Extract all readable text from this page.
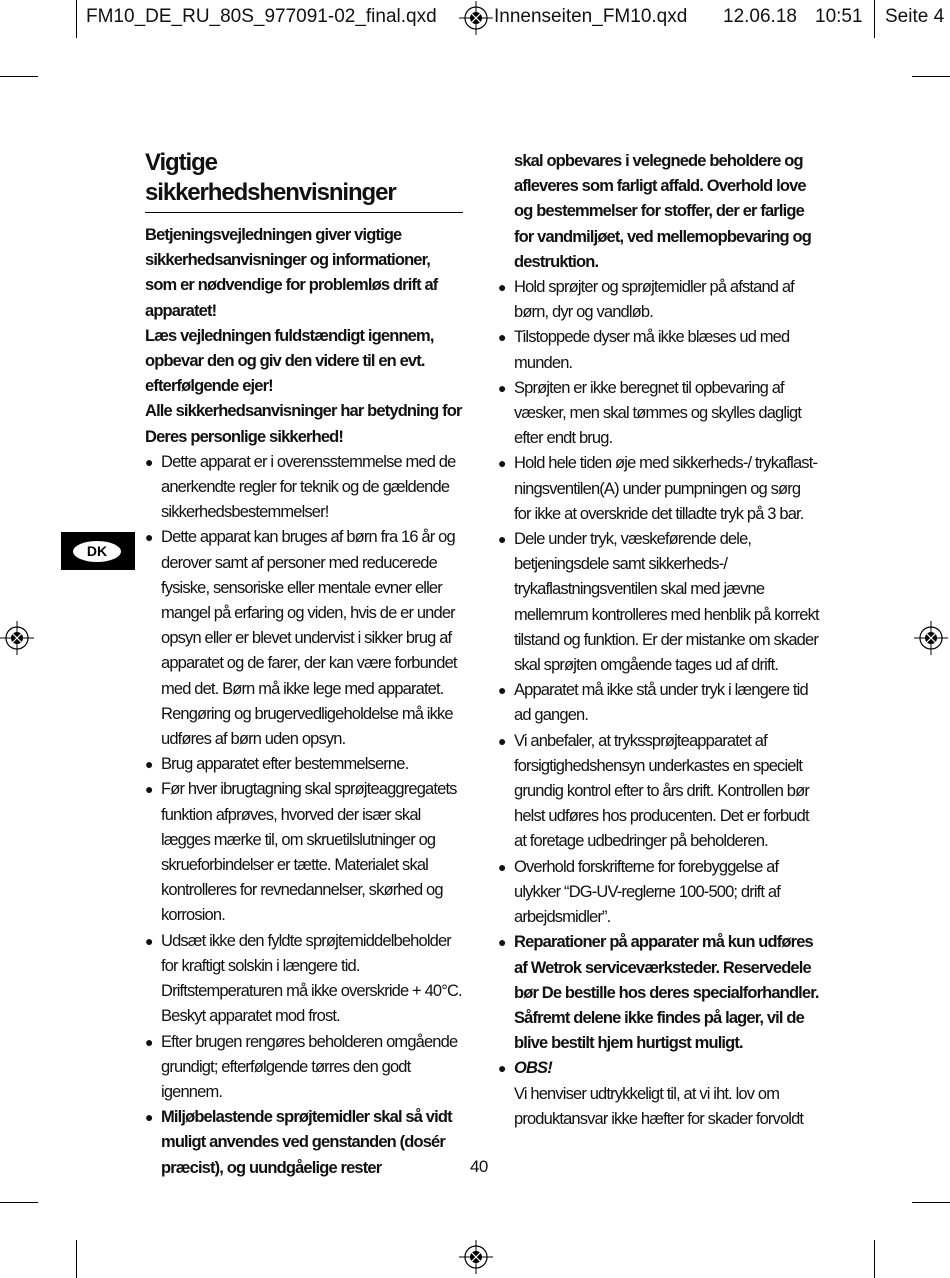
FM10_DE_RU_80S_977091-02_final.qxd	Innenseiten_FM10.qxd 12.06.18 10:51 Seite 4
DK
Vigtige sikkerhedshenvisninger

Betjeningsvejledningen giver vigtige sikkerhedsanvisninger og informationer, som er nødvendige for problemløs drift af apparatet!

Læs vejledningen fuldstændigt igennem, opbevar den og giv den videre til en evt. efterfølgende ejer!

Alle sikkerhedsanvisninger har betydning for Deres personlige sikkerhed!

● Dette apparat er i overensstemmelse med de anerkendte regler for teknik og de gældende sikkerhedsbestemmelser!
● Dette apparat kan bruges af børn fra 16 år og derover samt af personer med reducerede fysiske, sensoriske eller mentale evner eller mangel på erfaring og viden, hvis de er under opsyn eller er blevet undervist i sikker brug af apparatet og de farer, der kan være forbundet med det. Børn må ikke lege med apparatet. Rengøring og brugervedligeholdelse må ikke udføres af børn uden opsyn.
● Brug apparatet efter bestemmelserne.
● Før hver ibrugtagning skal sprøjteaggregatets funktion afprøves, hvorved der især skal lægges mærke til, om skruetilslutninger og skrueforbindelser er tætte. Materialet skal kontrolleres for revnedannelser, skørhed og korrosion.
● Udsæt ikke den fyldte sprøjtemiddelbeholder for kraftigt solskin i længere tid. Driftstemperaturen må ikke overskride + 40°C. Beskyt apparatet mod frost.
● Efter brugen rengøres beholderen omgående grundigt; efterfølgende tørres den godt igennem.
● Miljøbelastende sprøjtemidler skal så vidt muligt anvendes ved genstanden (dosér præcist), og uundgåelige rester
skal opbevares i velegnede beholdere og afleveres som farligt affald. Overhold love og bestemmelser for stoffer, der er farlige for vandmiljøet, ved mellemopbevaring og destruktion.
● Hold sprøjter og sprøjtemidler på afstand af børn, dyr og vandløb.
● Tilstoppede dyser må ikke blæses ud med munden.
● Sprøjten er ikke beregnet til opbevaring af væsker, men skal tømmes og skylles dagligt efter endt brug.
● Hold hele tiden øje med sikkerheds-/ trykaflast-ningsventilen(A) under pumpningen og sørg for ikke at overskride det tilladte tryk på 3 bar.
● Dele under tryk, væskeførende dele, betjeningsdele samt sikkerheds-/ trykaflastningsventilen skal med jævne mellemrum kontrolleres med henblik på korrekt tilstand og funktion. Er der mistanke om skader skal sprøjten omgående tages ud af drift.
● Apparatet må ikke stå under tryk i længere tid ad gangen.
● Vi anbefaler, at trykssprøjteapparatet af forsigtighedshensyn underkastes en specielt grundig kontrol efter to års drift. Kontrollen bør helst udføres hos producenten. Det er forbudt at foretage udbedringer på beholderen.
● Overhold forskrifterne for forebyggelse af ulykker “DG-UV-reglerne 100-500; drift af arbejdsmidler”.
● Reparationer på apparater må kun udføres af Wetrok serviceværksteder. Reservedele bør De bestille hos deres specialforhandler. Såfremt delene ikke findes på lager, vil de blive bestilt hjem hurtigst muligt.
● OBS!
Vi henviser udtrykkeligt til, at vi iht. lov om produktansvar ikke hæfter for skader forvoldt
40
